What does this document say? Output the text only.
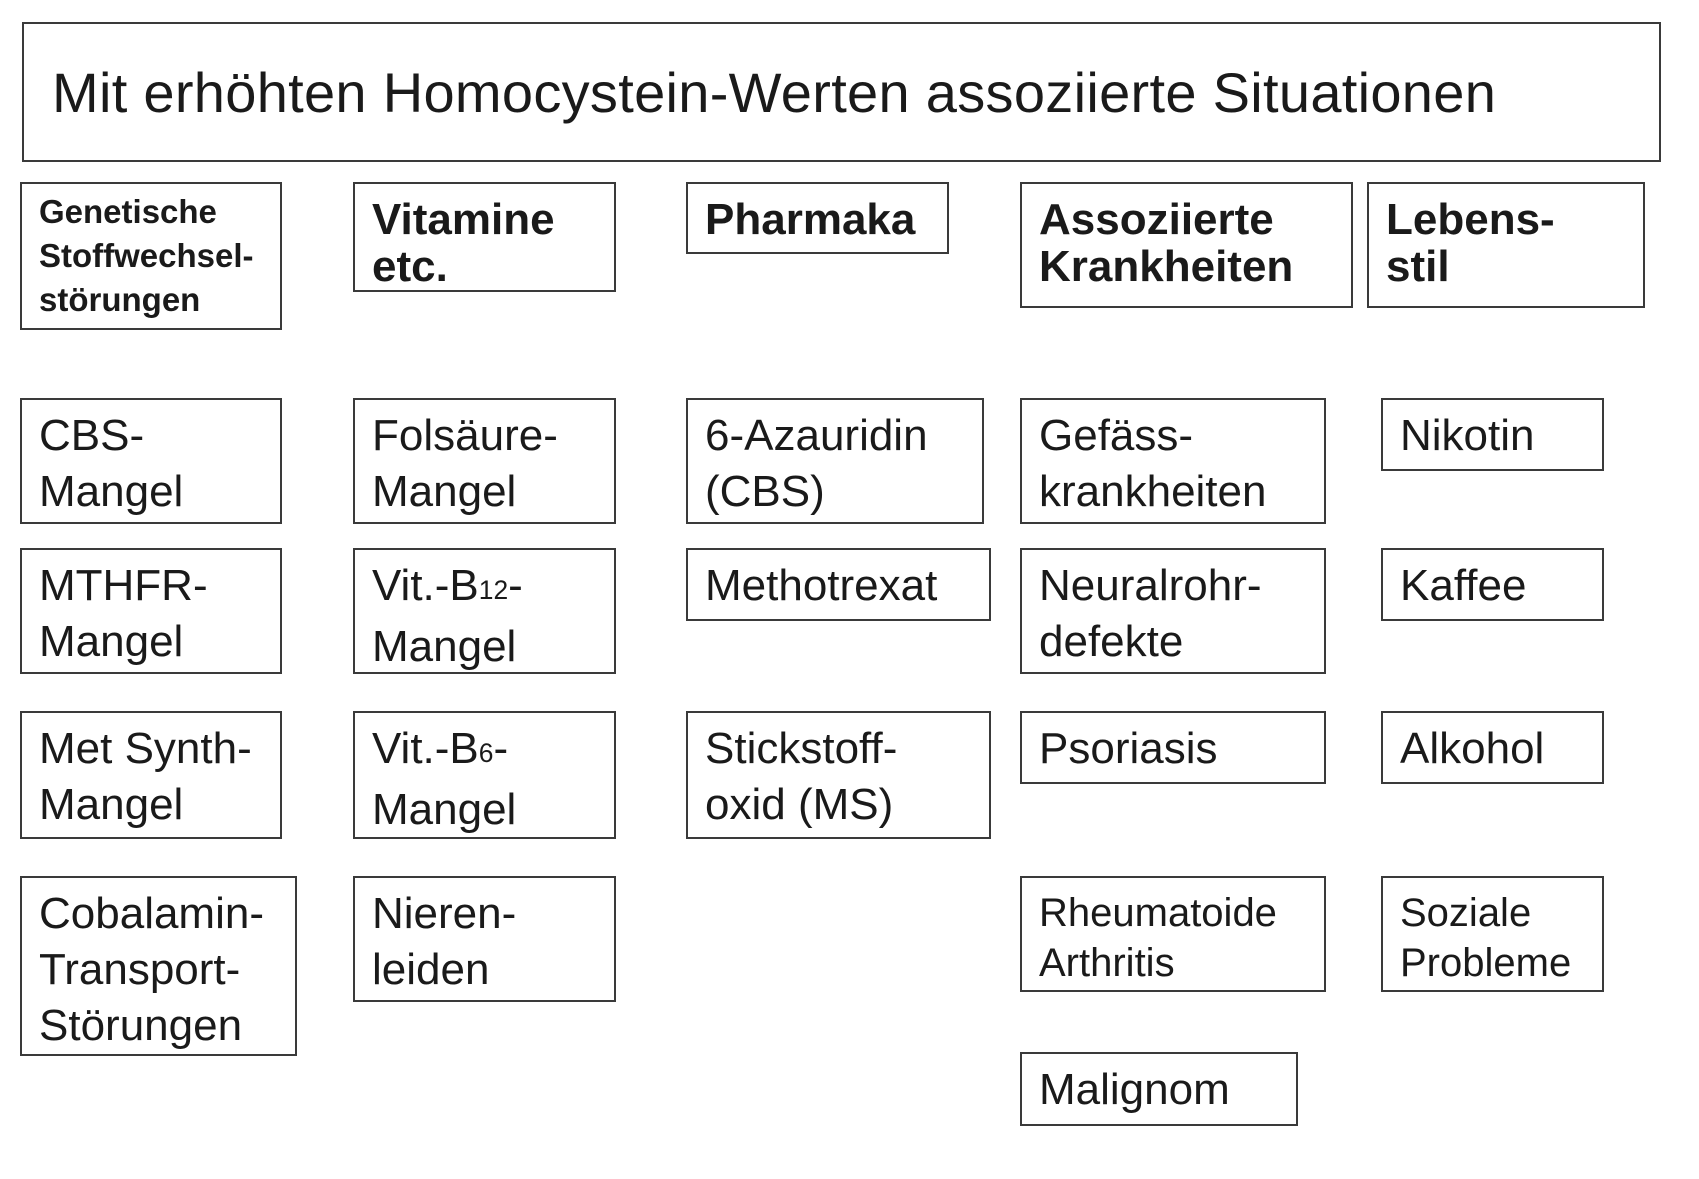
Mit erhöhten Homocystein-Werten assoziierte Situationen
Genetische
Stoffwechsel-
störungen
CBS-
Mangel
MTHFR-
Mangel
Met Synth-
Mangel
Cobalamin-
Transport-
Störungen
Vitamine
etc.
Folsäure-
Mangel
$Vit.-B_{12}-$
Mangel
$Vit.-B_6-$
Mangel
Nieren-
leiden
Pharmaka
6-Azauridin
(CBS)
Methotrexat
Stickstoff-
oxid (MS)
Assoziierte
Krankheiten
Gefäss-
krankheiten
Neuralrohr-
defekte
Psoriasis
Rheumatoide
Arthritis
Malignom
Lebens-
stil
Nikotin
Kaffee
Alkohol
Soziale
Probleme
